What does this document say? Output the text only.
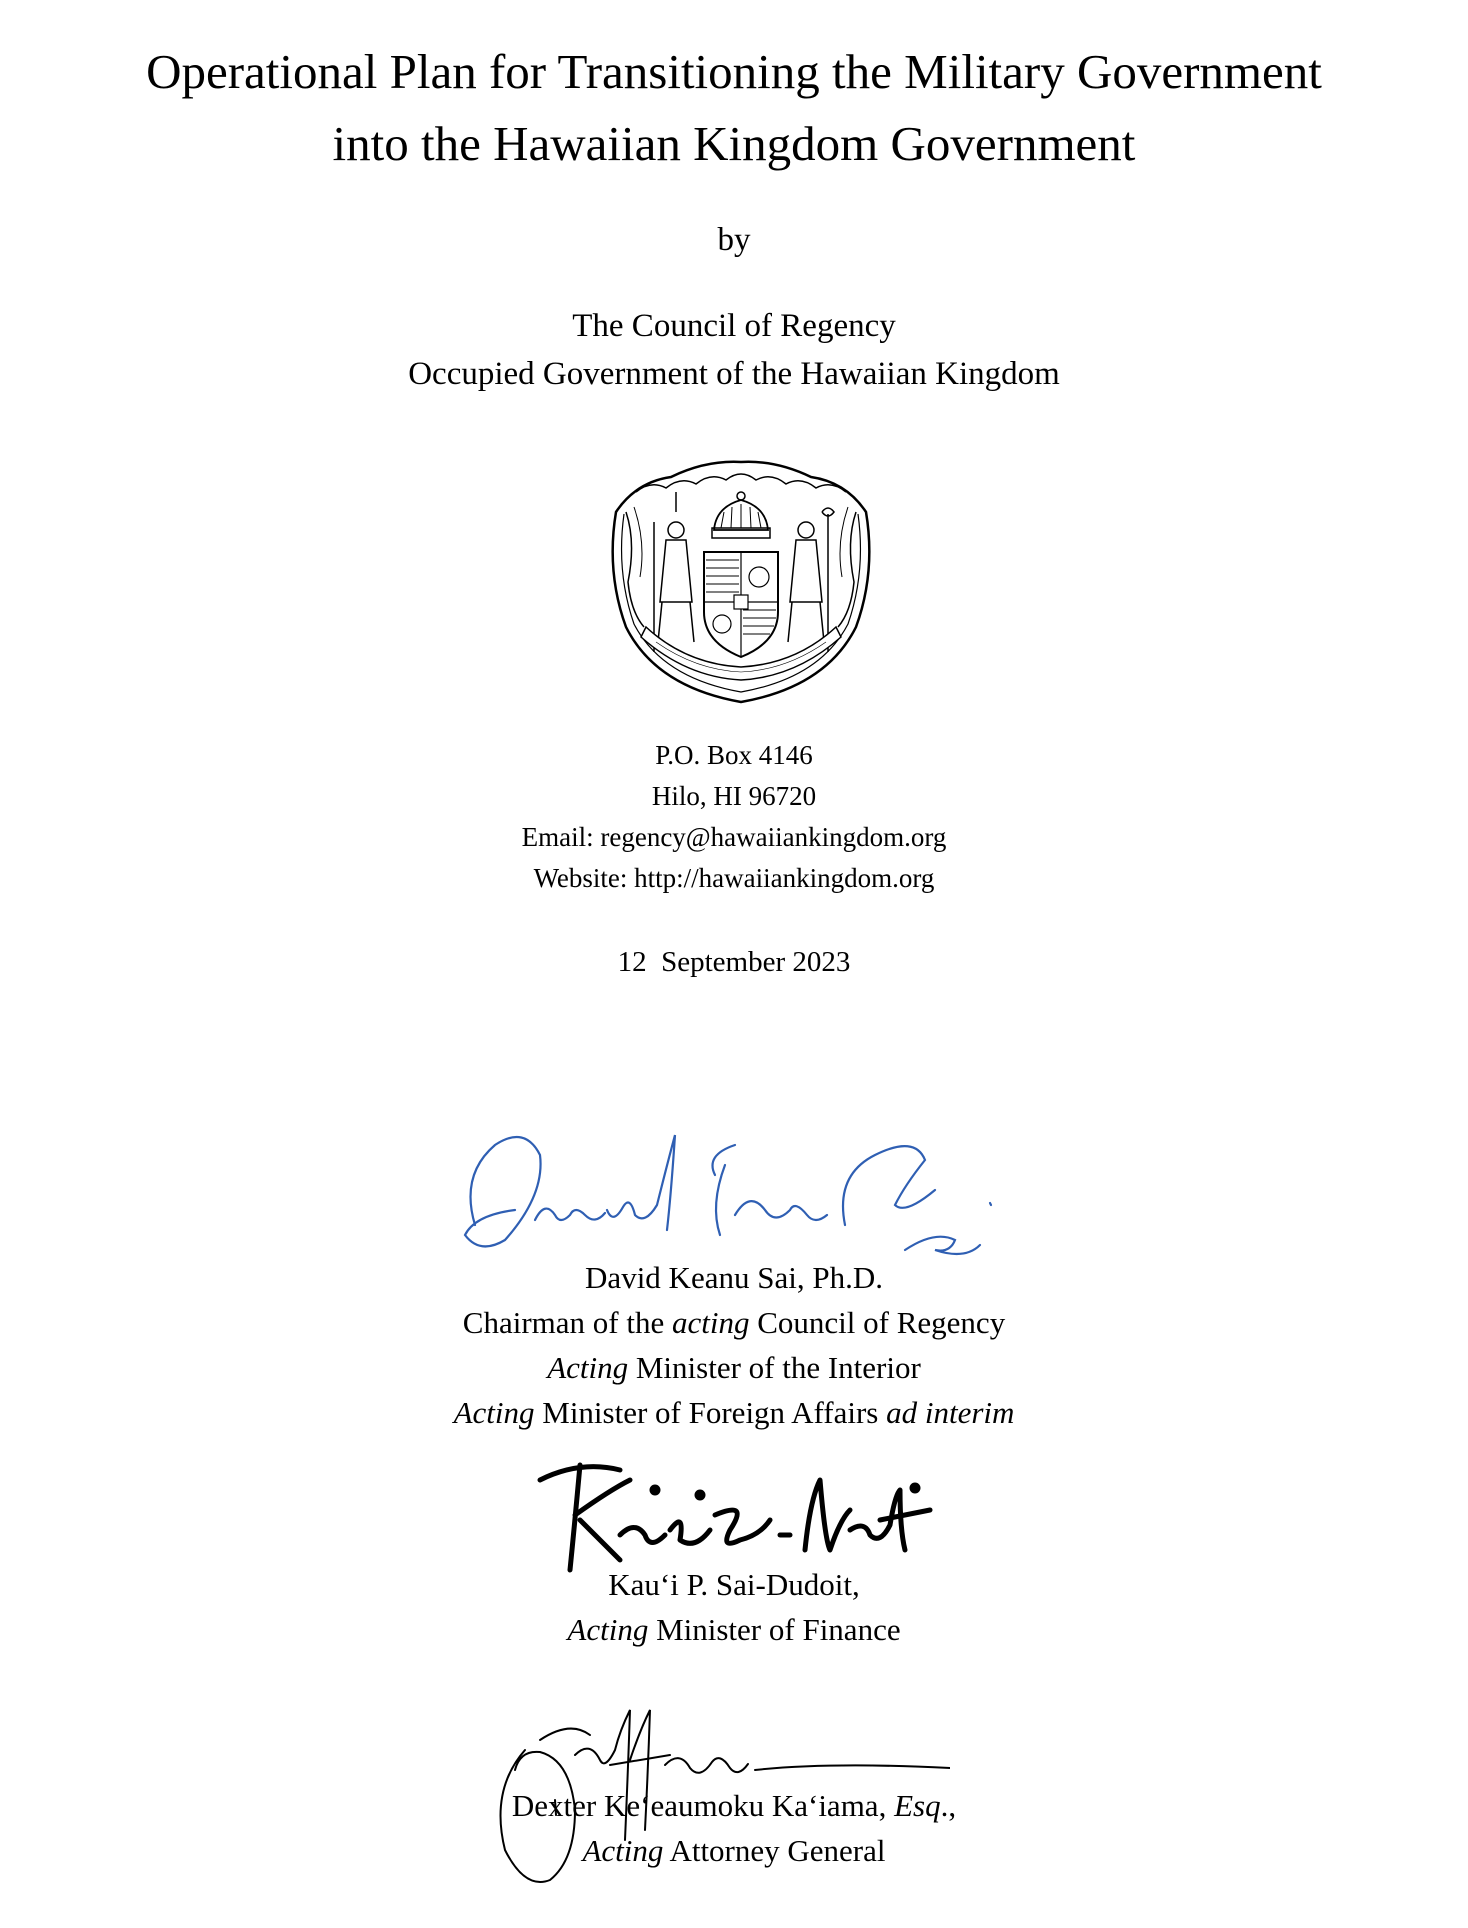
Operational Plan for Transitioning the Military Government
into the Hawaiian Kingdom Government
by
The Council of Regency
Occupied Government of the Hawaiian Kingdom
P.O. Box 4146
Hilo, HI 96720
Email: regency@hawaiiankingdom.org
Website: http://hawaiiankingdom.org
12  September 2023
David Keanu Sai, Ph.D.
Chairman of the acting Council of Regency
Acting Minister of the Interior
Acting Minister of Foreign Affairs ad interim
Kau‘i P. Sai-Dudoit,
Acting Minister of Finance
Dexter Ke‘eaumoku Ka‘iama, Esq.,
Acting Attorney General
